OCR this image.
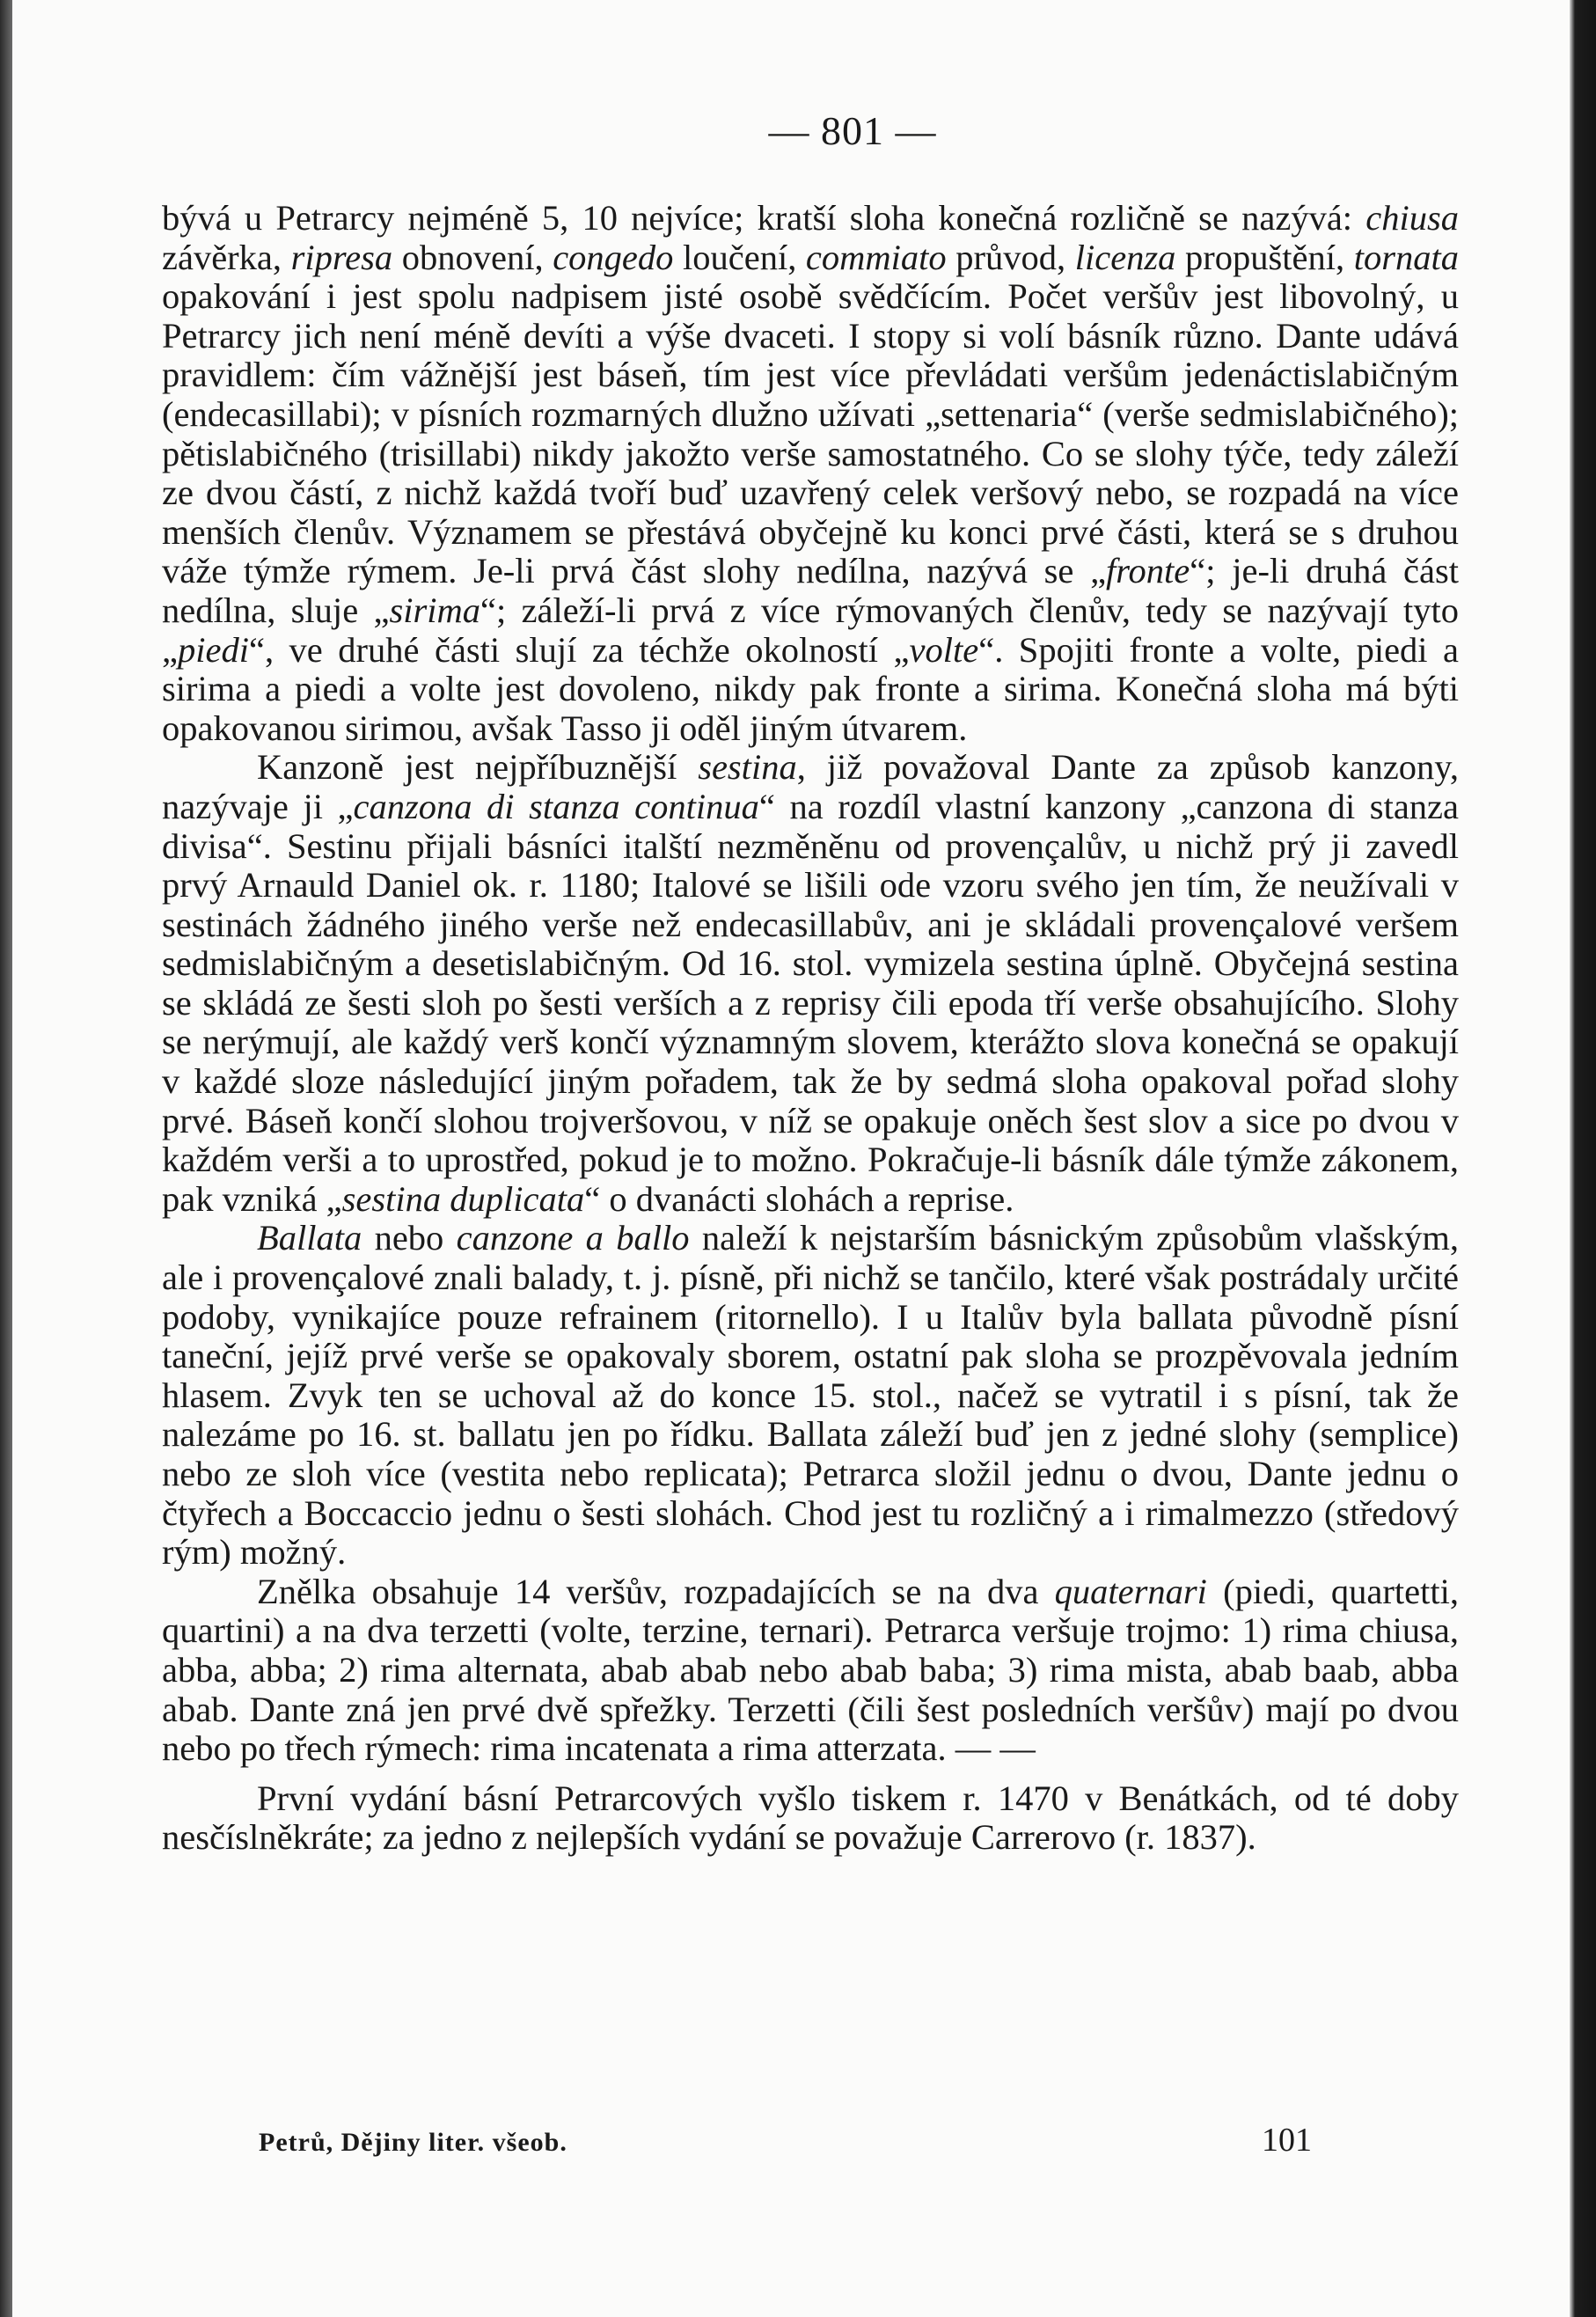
— 801 —

bývá u Petrarcy nejméně 5, 10 nejvíce; kratší sloha konečná rozličně se nazývá: chiusa závěrka, ripresa obnovení, congedo loučení, commiato průvod, licenza propuštění, tornata opakování i jest spolu nadpisem jisté osobě svědčícím. Počet veršův jest libovolný, u Petrarcy jich není méně devíti a výše dvaceti. I stopy si volí básník různo. Dante udává pravidlem: čím vážnější jest báseň, tím jest více převládati veršům jedenáctislabičným (endecasillabi); v písních rozmarných dlužno užívati „settenaria“ (verše sedmislabičného); pětislabičného (trisillabi) nikdy jakožto verše samostatného. Co se slohy týče, tedy záleží ze dvou částí, z nichž každá tvoří buď uzavřený celek veršový nebo, se rozpadá na více menších členův. Významem se přestává obyčejně ku konci prvé části, která se s druhou váže týmže rýmem. Je-li prvá část slohy nedílna, nazývá se „fronte“; je-li druhá část nedílna, sluje „sirima“; záleží-li prvá z více rýmovaných členův, tedy se nazývají tyto „piedi“, ve druhé části slují za téchže okolností „volte“. Spojiti fronte a volte, piedi a sirima a piedi a volte jest dovoleno, nikdy pak fronte a sirima. Konečná sloha má býti opakovanou sirimou, avšak Tasso ji oděl jiným útvarem.

Kanzoně jest nejpříbuznější sestina, již považoval Dante za způsob kanzony, nazývaje ji „canzona di stanza continua“ na rozdíl vlastní kanzony „canzona di stanza divisa“. Sestinu přijali básníci italští nezměněnu od provençalův, u nichž prý ji zavedl prvý Arnauld Daniel ok. r. 1180; Italové se lišili ode vzoru svého jen tím, že neužívali v sestinách žádného jiného verše než endecasillabův, ani je skládali provençalové veršem sedmislabičným a desetislabičným. Od 16. stol. vymizela sestina úplně. Obyčejná sestina se skládá ze šesti sloh po šesti verších a z reprisy čili epoda tří verše obsahujícího. Slohy se nerýmují, ale každý verš končí významným slovem, kterážto slova konečná se opakují v každé sloze následující jiným pořadem, tak že by sedmá sloha opakoval pořad slohy prvé. Báseň končí slohou trojveršovou, v níž se opakuje oněch šest slov a sice po dvou v každém verši a to uprostřed, pokud je to možno. Pokračuje-li básník dále týmže zákonem, pak vzniká „sestina duplicata“ o dvanácti slohách a reprise.

Ballata nebo canzone a ballo naleží k nejstarším básnickým způsobům vlašským, ale i provençalové znali balady, t. j. písně, při nichž se tančilo, které však postrádaly určité podoby, vynikajíce pouze refrainem (ritornello). I u Italův byla ballata původně písní taneční, jejíž prvé verše se opakovaly sborem, ostatní pak sloha se prozpěvovala jedním hlasem. Zvyk ten se uchoval až do konce 15. stol., načež se vytratil i s písní, tak že nalezáme po 16. st. ballatu jen po řídku. Ballata záleží buď jen z jedné slohy (semplice) nebo ze sloh více (vestita nebo replicata); Petrarca složil jednu o dvou, Dante jednu o čtyřech a Boccaccio jednu o šesti slohách. Chod jest tu rozličný a i rimalmezzo (středový rým) možný.

Znělka obsahuje 14 veršův, rozpadajících se na dva quaternari (piedi, quartetti, quartini) a na dva terzetti (volte, terzine, ternari). Petrarca veršuje trojmo: 1) rima chiusa, abba, abba; 2) rima alternata, abab abab nebo abab baba; 3) rima mista, abab baab, abba abab. Dante zná jen prvé dvě spřežky. Terzetti (čili šest posledních veršův) mají po dvou nebo po třech rýmech: rima incatenata a rima atterzata. — —

První vydání básní Petrarcových vyšlo tiskem r. 1470 v Benátkách, od té doby nesčíslněkráte; za jedno z nejlepších vydání se považuje Carrerovo (r. 1837).

Petrů, Dějiny liter. všeob.	101
